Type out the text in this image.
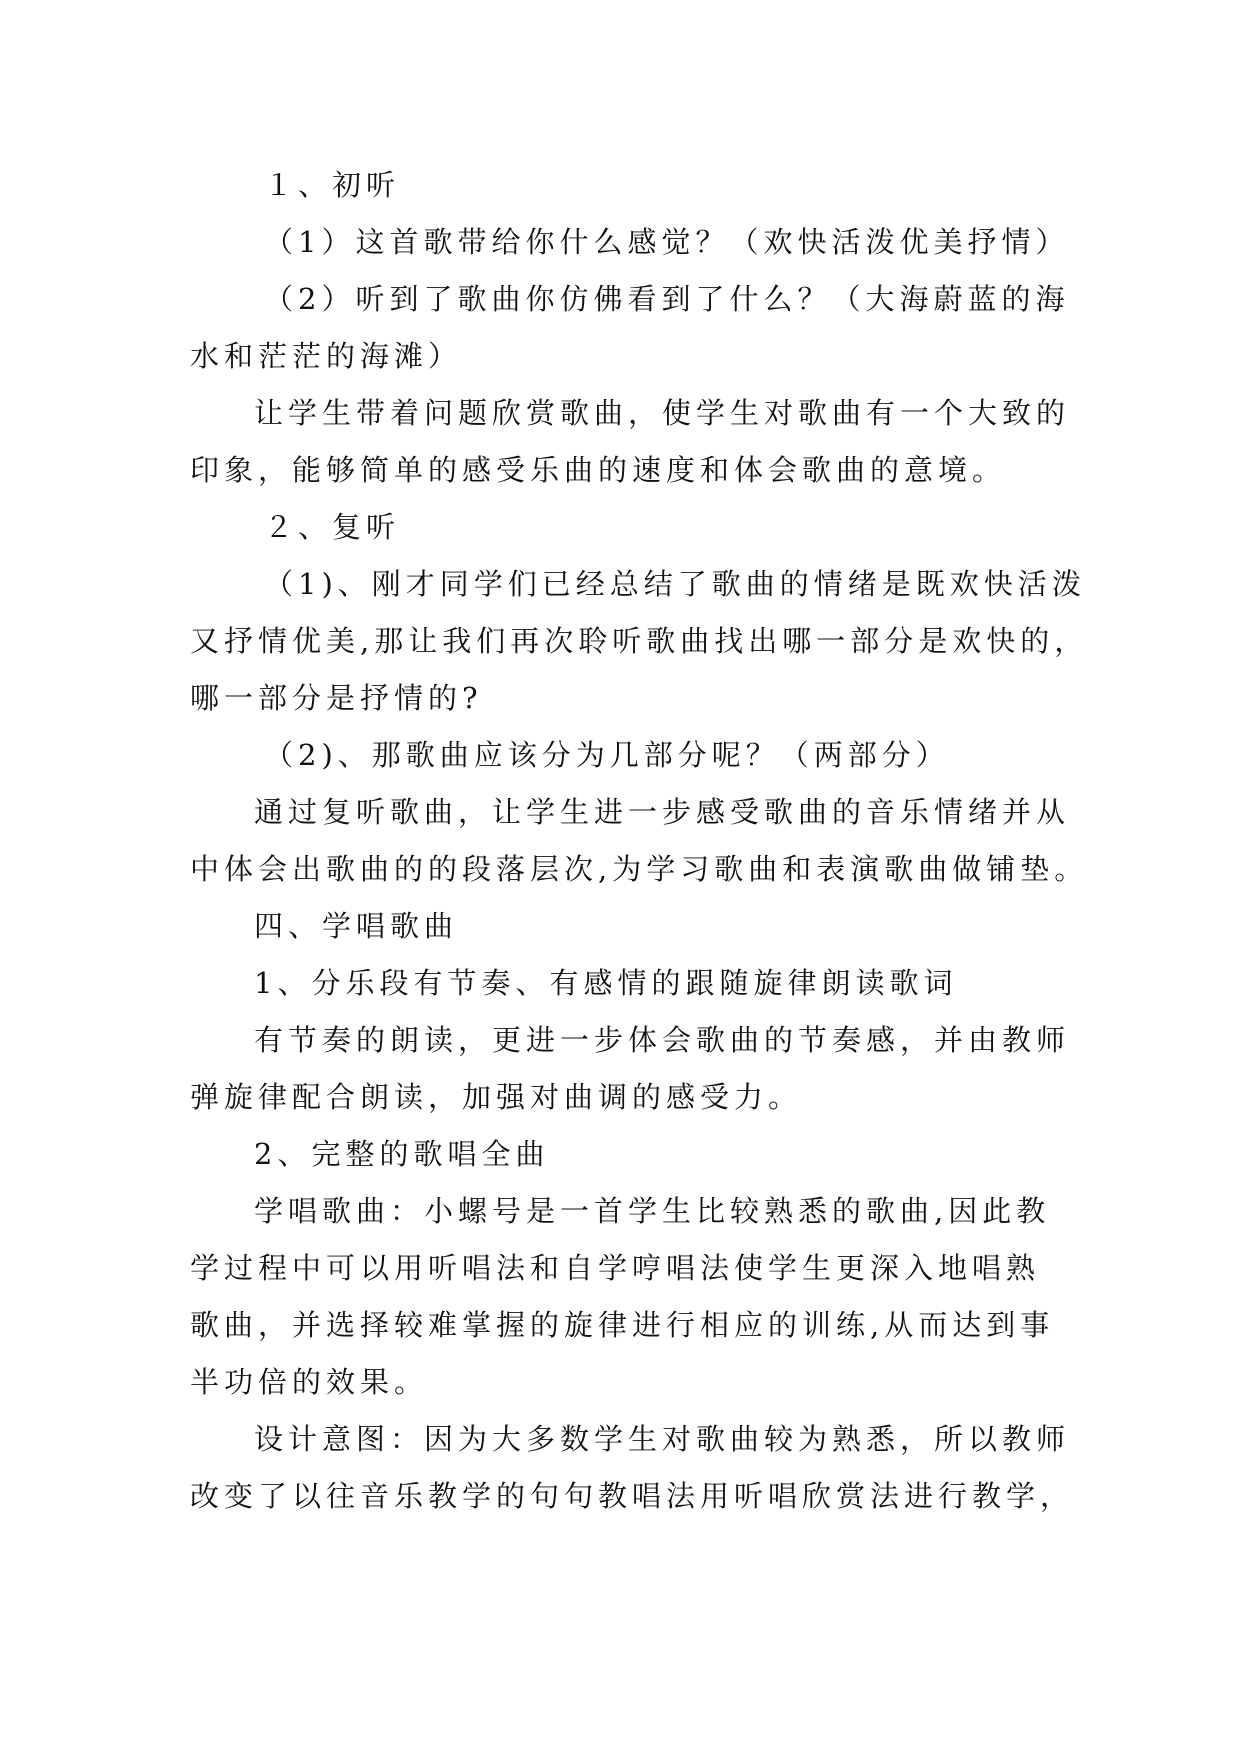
１、初听
（1）这首歌带给你什么感觉？（欢快活泼优美抒情）
（2）听到了歌曲你仿佛看到了什么？（大海蔚蓝的海
水和茫茫的海滩）
让学生带着问题欣赏歌曲，使学生对歌曲有一个大致的
印象，能够简单的感受乐曲的速度和体会歌曲的意境。
２、复听
（1)、刚才同学们已经总结了歌曲的情绪是既欢快活泼
又抒情优美,那让我们再次聆听歌曲找出哪一部分是欢快的，
哪一部分是抒情的?
（2)、那歌曲应该分为几部分呢？（两部分）
通过复听歌曲，让学生进一步感受歌曲的音乐情绪并从
中体会出歌曲的的段落层次,为学习歌曲和表演歌曲做铺垫。
四、学唱歌曲
1、分乐段有节奏、有感情的跟随旋律朗读歌词
有节奏的朗读，更进一步体会歌曲的节奏感，并由教师
弹旋律配合朗读，加强对曲调的感受力。
2、完整的歌唱全曲
学唱歌曲：小螺号是一首学生比较熟悉的歌曲,因此教
学过程中可以用听唱法和自学哼唱法使学生更深入地唱熟
歌曲，并选择较难掌握的旋律进行相应的训练,从而达到事
半功倍的效果。
设计意图：因为大多数学生对歌曲较为熟悉，所以教师
改变了以往音乐教学的句句教唱法用听唱欣赏法进行教学，
